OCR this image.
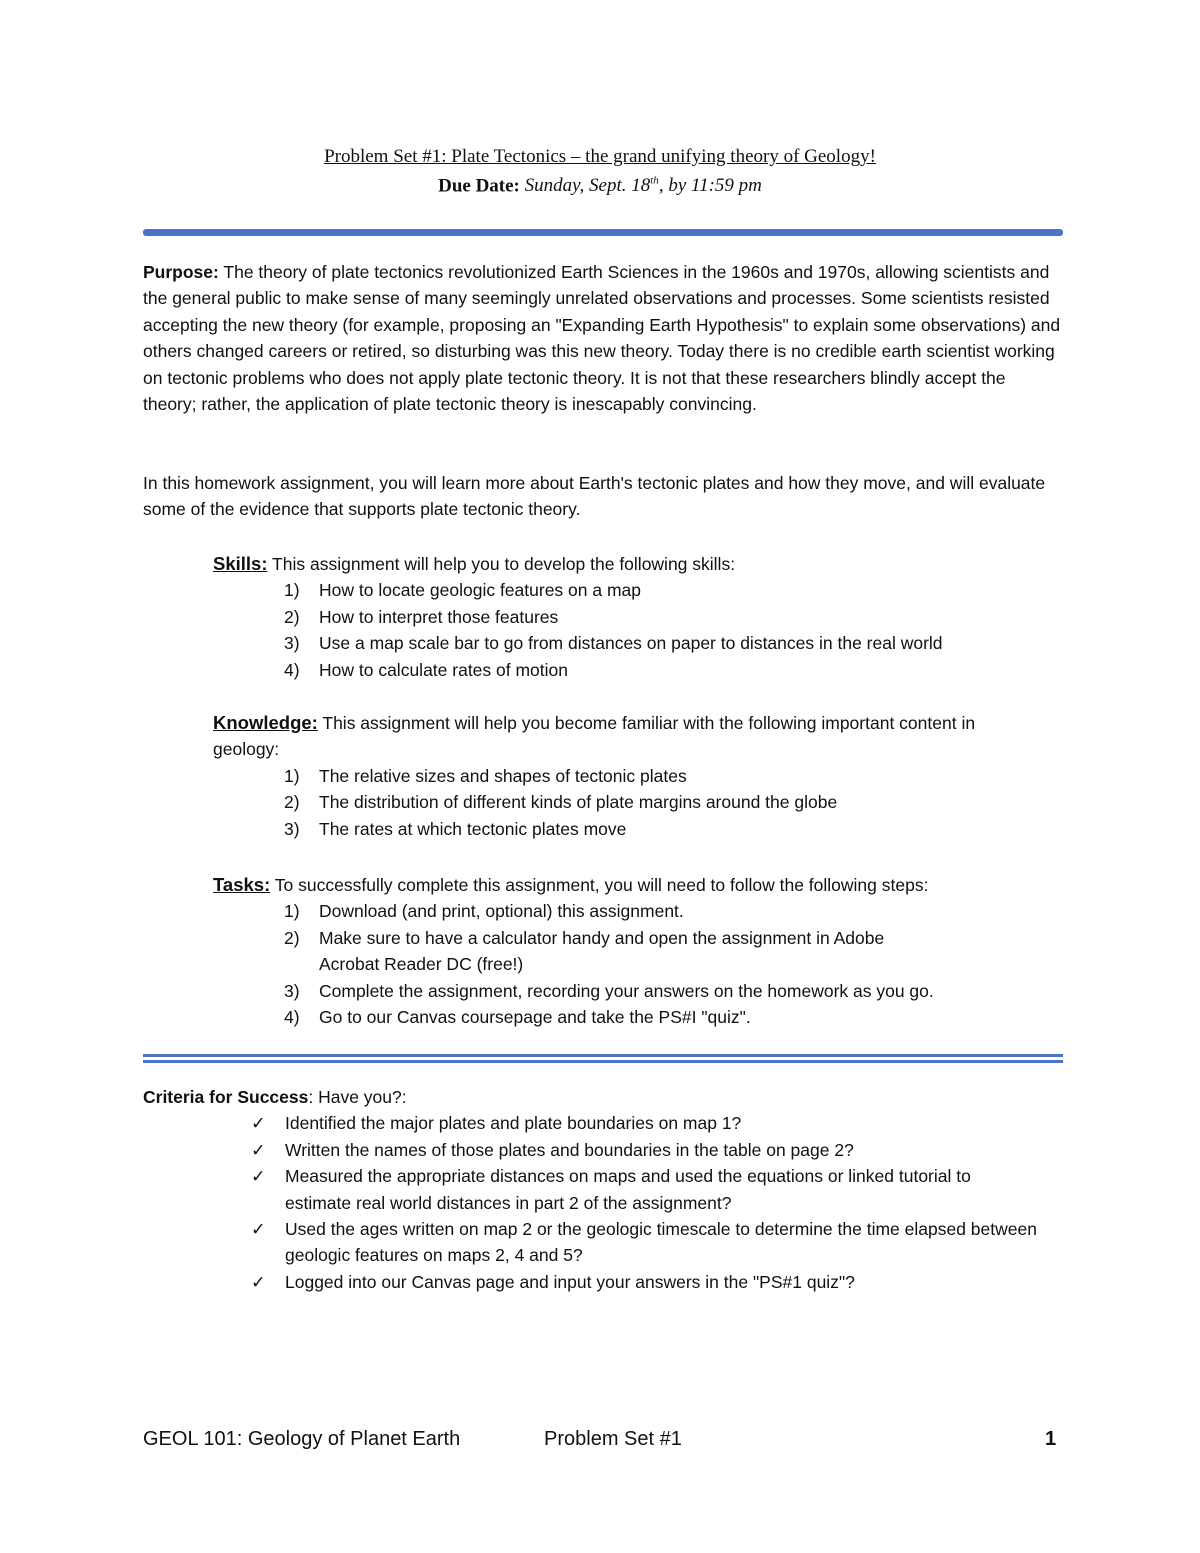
Problem Set #1: Plate Tectonics – the grand unifying theory of Geology!
Due Date: Sunday, Sept. 18th, by 11:59 pm

Purpose: The theory of plate tectonics revolutionized Earth Sciences in the 1960s and 1970s, allowing scientists and the general public to make sense of many seemingly unrelated observations and processes. Some scientists resisted accepting the new theory (for example, proposing an "Expanding Earth Hypothesis" to explain some observations) and others changed careers or retired, so disturbing was this new theory. Today there is no credible earth scientist working on tectonic problems who does not apply plate tectonic theory. It is not that these researchers blindly accept the theory; rather, the application of plate tectonic theory is inescapably convincing.

In this homework assignment, you will learn more about Earth's tectonic plates and how they move, and will evaluate some of the evidence that supports plate tectonic theory.

Skills: This assignment will help you to develop the following skills:
1) How to locate geologic features on a map
2) How to interpret those features
3) Use a map scale bar to go from distances on paper to distances in the real world
4) How to calculate rates of motion
Knowledge: This assignment will help you become familiar with the following important content in geology:
1) The relative sizes and shapes of tectonic plates
2) The distribution of different kinds of plate margins around the globe
3) The rates at which tectonic plates move
Tasks: To successfully complete this assignment, you will need to follow the following steps:
1) Download (and print, optional) this assignment.
2) Make sure to have a calculator handy and open the assignment in Adobe Acrobat Reader DC (free!)
3) Complete the assignment, recording your answers on the homework as you go.
4) Go to our Canvas coursepage and take the PS#I "quiz".
Criteria for Success: Have you?:
✓ Identified the major plates and plate boundaries on map 1?
✓ Written the names of those plates and boundaries in the table on page 2?
✓ Measured the appropriate distances on maps and used the equations or linked tutorial to estimate real world distances in part 2 of the assignment?
✓ Used the ages written on map 2 or the geologic timescale to determine the time elapsed between geologic features on maps 2, 4 and 5?
✓ Logged into our Canvas page and input your answers in the "PS#1 quiz"?
GEOL 101: Geology of Planet Earth	Problem Set #1	1
